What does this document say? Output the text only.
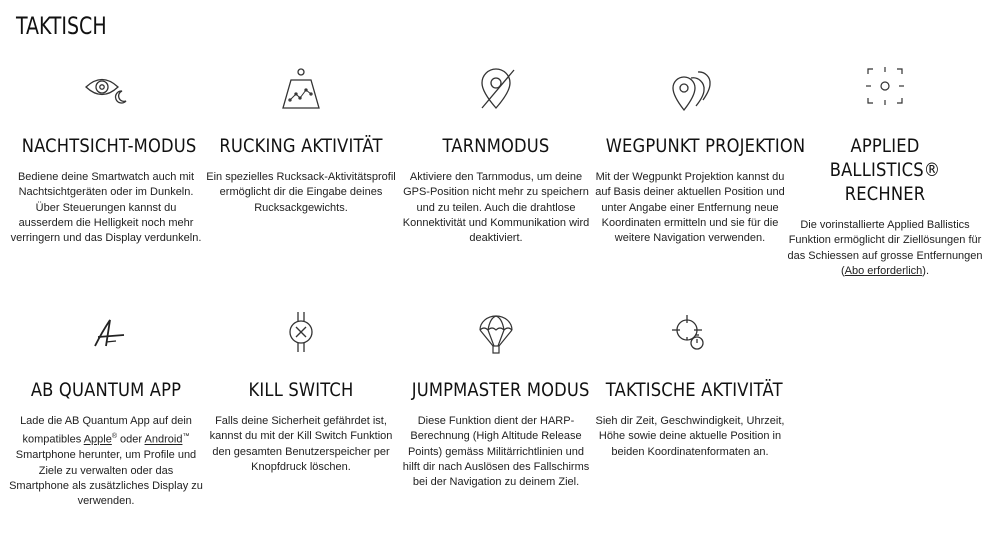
TAKTISCH
NACHTSICHT-MODUS

Bediene deine Smartwatch auch mit Nachtsichtgeräten oder im Dunkeln. Über Steuerungen kannst du ausserdem die Helligkeit noch mehr verringern und das Display verdunkeln.

RUCKING AKTIVITÄT

Ein spezielles Rucksack-Aktivitätsprofil ermöglicht dir die Eingabe deines Rucksackgewichts.

TARNMODUS

Aktiviere den Tarnmodus, um deine GPS-Position nicht mehr zu speichern und zu teilen. Auch die drahtlose Konnektivität und Kommunikation wird deaktiviert.

WEGPUNKT PROJEKTION

Mit der Wegpunkt Projektion kannst du auf Basis deiner aktuellen Position und unter Angabe einer Entfernung neue Koordinaten ermitteln und sie für die weitere Navigation verwenden.

APPLIED BALLISTICS® RECHNER

Die vorinstallierte Applied Ballistics Funktion ermöglicht dir Ziellösungen für das Schiessen auf grosse Entfernungen (Abo erforderlich).

AB QUANTUM APP

Lade die AB Quantum App auf dein kompatibles Apple® oder Android™ Smartphone herunter, um Profile und Ziele zu verwalten oder das Smartphone als zusätzliches Display zu verwenden.

KILL SWITCH

Falls deine Sicherheit gefährdet ist, kannst du mit der Kill Switch Funktion den gesamten Benutzerspeicher per Knopfdruck löschen.

JUMPMASTER MODUS

Diese Funktion dient der HARP-Berechnung (High Altitude Release Points) gemäss Militärrichtlinien und hilft dir nach Auslösen des Fallschirms bei der Navigation zu deinem Ziel.

TAKTISCHE AKTIVITÄT

Sieh dir Zeit, Geschwindigkeit, Uhrzeit, Höhe sowie deine aktuelle Position in beiden Koordinatenformaten an.
